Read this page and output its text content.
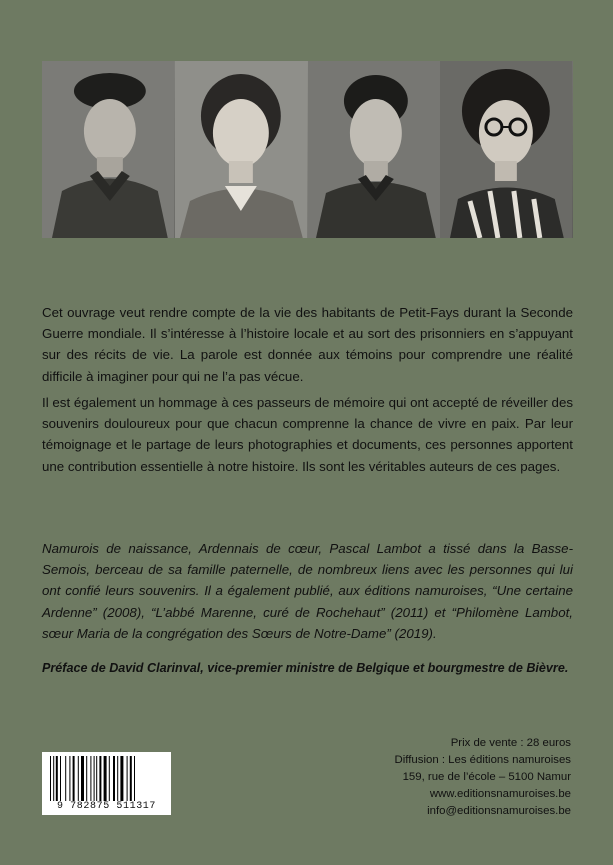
Cet ouvrage veut rendre compte de la vie des habitants de Petit-Fays durant la Seconde Guerre mondiale. Il s’intéresse à l’histoire locale et au sort des prisonniers en s’appuyant sur des récits de vie. La parole est donnée aux témoins pour comprendre une réalité difficile à imaginer pour qui ne l’a pas vécue.

Il est également un hommage à ces passeurs de mémoire qui ont accepté de réveiller des souvenirs douloureux pour que chacun comprenne la chance de vivre en paix. Par leur témoignage et le partage de leurs photographies et documents, ces personnes apportent une contribution essentielle à notre histoire. Ils sont les véritables auteurs de ces pages.

Namurois de naissance, Ardennais de cœur, Pascal Lambot a tissé dans la Basse-Semois, berceau de sa famille paternelle, de nombreux liens avec les personnes qui lui ont confié leurs souvenirs. Il a également publié, aux éditions namuroises, “Une certaine Ardenne” (2008), “L’abbé Marenne, curé de Rochehaut” (2011) et “Philomène Lambot, sœur Maria de la congrégation des Sœurs de Notre-Dame” (2019).

Préface de David Clarinval, vice-premier ministre de Belgique et bourgmestre de Bièvre.

Prix de vente : 28 euros
Diffusion : Les éditions namuroises
159, rue de l’école – 5100 Namur
www.editionsnamuroises.be
info@editionsnamuroises.be
9 782875 511317
